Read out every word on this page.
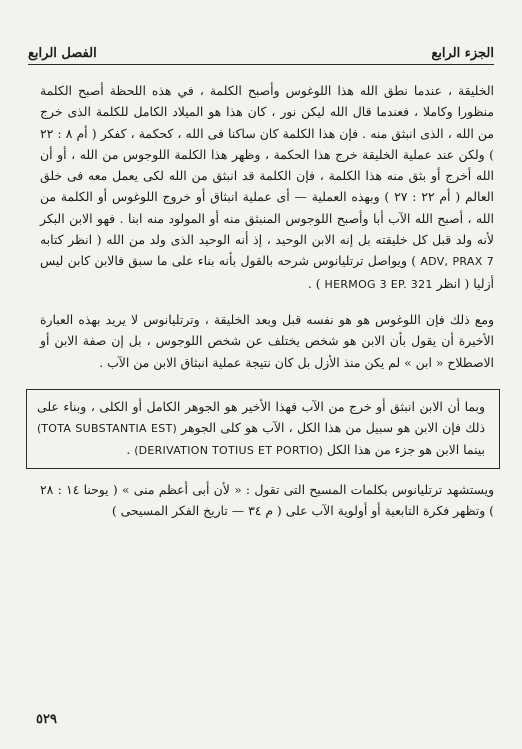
الجزء الرابع
الفصل الرابع

الخليقة ، عندما نطق الله هذا اللوغوس وأصبح الكلمة ، في هذه اللحظة أصبح الكلمة منظورا وكاملا ، فعندما قال الله ليكن نور ، كان هذا هو الميلاد الكامل للكلمة الذى خرج من الله ، الذى انبثق منه . فإن هذا الكلمة كان ساكنا فى الله ، كحكمة ، كفكر ( أم ٨ : ٢٢ ) ولكن عند عملية الخليقة خرج هذا الحكمة ، وظهر هذا الكلمة اللوجوس من الله ، أو أن الله أخرج أو بثق منه هذا الكلمة ، فإن الكلمة قد انبثق من الله لكى يعمل معه فى خلق العالم ( أم ٢٢ : ٢٧ ) وبهذه العملية — أى عملية انبثاق أو خروج اللوغوس أو الكلمة من الله ، أصبح الله الآب أبا وأصبح اللوجوس المنبثق منه أو المولود منه ابنا . فهو الابن البكر لأنه ولد قبل كل خليقته بل إنه الابن الوحيد ، إذ أنه الوحيد الذى ولد من الله ( انظر كتابه ADV, PRAX 7 ) ويواصل ترتليانوس شرحه بالقول بأنه بناء على ما سبق فالابن كابن ليس أزليا ( انظر HERMOG 3 EP. 321 ) .

ومع ذلك فإن اللوغوس هو هو نفسه قبل وبعد الخليقة ، وترتليانوس لا يريد بهذه العبارة الأخيرة أن يقول بأن الابن هو شخص يختلف عن شخص اللوجوس ، بل إن صفة الابن أو الاصطلاح « ابن » لم يكن منذ الأزل بل كان نتيجة عملية انبثاق الابن من الآب .

وبما أن الابن انبثق أو خرج من الآب فهذا الأخير هو الجوهر الكامل أو الكلى ، وبناء على ذلك فإن الابن هو سبيل من هذا الكل ، الآب هو كلى الجوهر (TOTA SUBSTANTIA EST) بينما الابن هو جزء من هذا الكل (DERIVATION TOTIUS ET PORTIO) .

ويستشهد ترتليانوس بكلمات المسيح التى تقول : « لأن أبى أعظم منى » ( يوحنا ١٤ : ٢٨ ) وتظهر فكرة التابعية أو أولوية الآب على ( م ٣٤ — تاريخ الفكر المسيحى )

٥٢٩
